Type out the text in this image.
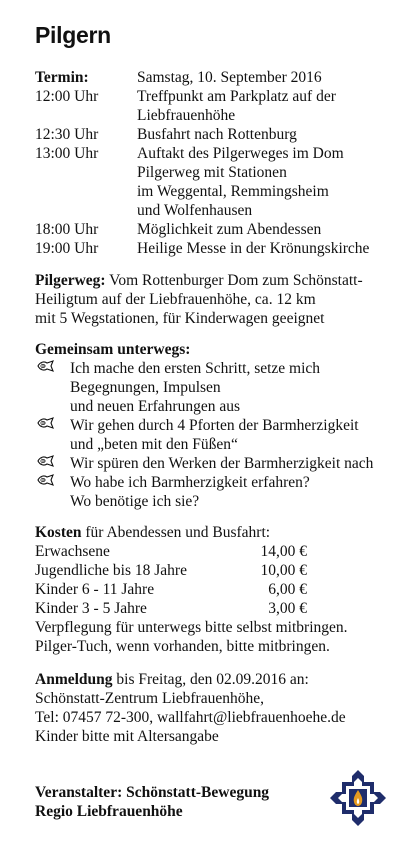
Pilgern
Termin:	Samstag, 10. September 2016
12:00 Uhr Treffpunkt am Parkplatz auf der
Liebfrauenhöhe
12:30 Uhr Busfahrt nach Rottenburg
13:00 Uhr Auftakt des Pilgerweges im Dom
Pilgerweg mit Stationen
im Weggental, Remmingsheim
und Wolfenhausen
18:00 Uhr Möglichkeit zum Abendessen
19:00 Uhr Heilige Messe in der Krönungskirche

Pilgerweg: Vom Rottenburger Dom zum Schönstatt-

Heiligtum auf der Liebfrauenhöhe, ca. 12 km

mit 5 Wegstationen, für Kinderwagen geeignet

Gemeinsam unterwegs:

Ich mache den ersten Schritt, setze mich
Begegnungen, Impulsen
und neuen Erfahrungen aus
Wir gehen durch 4 Pforten der Barmherzigkeit
und „beten mit den Füßen“
Wir spüren den Werken der Barmherzigkeit nach
Wo habe ich Barmherzigkeit erfahren?
Wo benötige ich sie?

Kosten für Abendessen und Busfahrt:

Erwachsene	14,00 €
Jugendliche bis 18 Jahre	10,00 €
Kinder 6 - 11 Jahre	6,00 €
Kinder 3 - 5 Jahre	3,00 €

Verpflegung für unterwegs bitte selbst mitbringen.

Pilger-Tuch, wenn vorhanden, bitte mitbringen.

Anmeldung bis Freitag, den 02.09.2016 an:

Schönstatt-Zentrum Liebfrauenhöhe,

Tel: 07457 72-300, wallfahrt@liebfrauenhoehe.de

Kinder bitte mit Altersangabe

Veranstalter: Schönstatt-Bewegung

Regio Liebfrauenhöhe
